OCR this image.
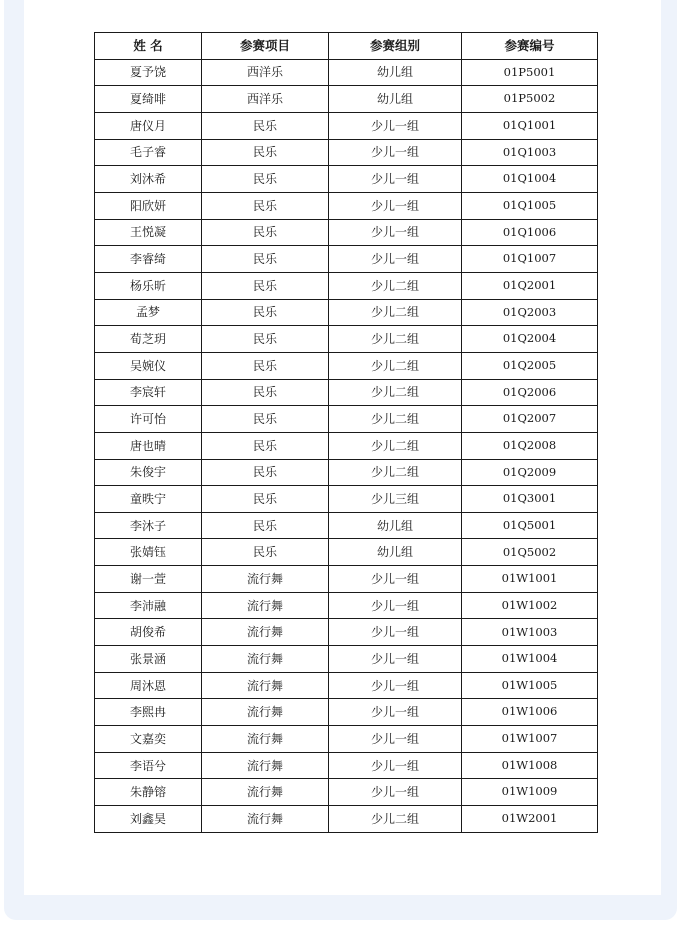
姓 名	参赛项目	参赛组别	参赛编号
夏予饶	西洋乐	幼儿组	01P5001
夏绮啡	西洋乐	幼儿组	01P5002
唐仪月	民乐	少儿一组	01Q1001
毛子睿	民乐	少儿一组	01Q1003
刘沐希	民乐	少儿一组	01Q1004
阳欣妍	民乐	少儿一组	01Q1005
王悦凝	民乐	少儿一组	01Q1006
李睿绮	民乐	少儿一组	01Q1007
杨乐昕	民乐	少儿二组	01Q2001
孟梦	民乐	少儿二组	01Q2003
荀芝玥	民乐	少儿二组	01Q2004
吴婉仪	民乐	少儿二组	01Q2005
李宸轩	民乐	少儿二组	01Q2006
许可怡	民乐	少儿二组	01Q2007
唐也晴	民乐	少儿二组	01Q2008
朱俊宇	民乐	少儿二组	01Q2009
童昳宁	民乐	少儿三组	01Q3001
李沐子	民乐	幼儿组	01Q5001
张婧钰	民乐	幼儿组	01Q5002
谢一萱	流行舞	少儿一组	01W1001
李沛融	流行舞	少儿一组	01W1002
胡俊希	流行舞	少儿一组	01W1003
张景涵	流行舞	少儿一组	01W1004
周沐恩	流行舞	少儿一组	01W1005
李熙冉	流行舞	少儿一组	01W1006
文嘉奕	流行舞	少儿一组	01W1007
李语兮	流行舞	少儿一组	01W1008
朱静镕	流行舞	少儿一组	01W1009
刘鑫昊	流行舞	少儿二组	01W2001
